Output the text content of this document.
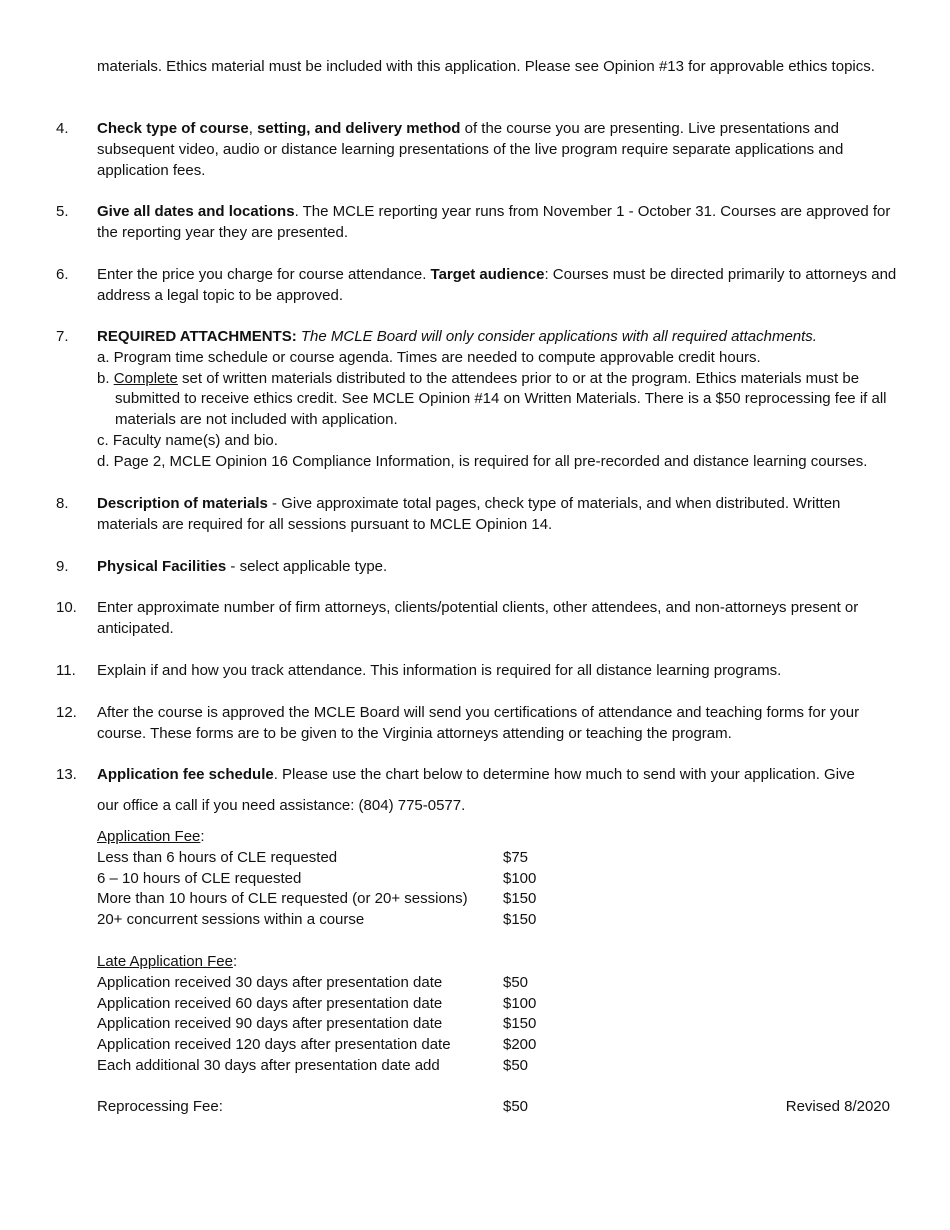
materials. Ethics material must be included with this application. Please see Opinion #13 for approvable ethics topics.

4.	Check type of course, setting, and delivery method of the course you are presenting. Live presentations and subsequent video, audio or distance learning presentations of the live program require separate applications and application fees.

5.	Give all dates and locations. The MCLE reporting year runs from November 1 - October 31. Courses are approved for the reporting year they are presented.

6.	Enter the price you charge for course attendance. Target audience: Courses must be directed primarily to attorneys and address a legal topic to be approved.

7.	REQUIRED ATTACHMENTS: The MCLE Board will only consider applications with all required attachments.
a. Program time schedule or course agenda. Times are needed to compute approvable credit hours.
b. Complete set of written materials distributed to the attendees prior to or at the program. Ethics materials must be submitted to receive ethics credit. See MCLE Opinion #14 on Written Materials. There is a $50 reprocessing fee if all materials are not included with application.
c. Faculty name(s) and bio.
d. Page 2, MCLE Opinion 16 Compliance Information, is required for all pre-recorded and distance learning courses.
8.	Description of materials - Give approximate total pages, check type of materials, and when distributed. Written materials are required for all sessions pursuant to MCLE Opinion 14.

9.	Physical Facilities - select applicable type.

10.	Enter approximate number of firm attorneys, clients/potential clients, other attendees, and non-attorneys present or anticipated.

11.	Explain if and how you track attendance. This information is required for all distance learning programs.

12.	After the course is approved the MCLE Board will send you certifications of attendance and teaching forms for your course. These forms are to be given to the Virginia attorneys attending or teaching the program.

13.	Application fee schedule. Please use the chart below to determine how much to send with your application. Give

our office a call if you need assistance: (804) 775-0577.

Application Fee:
Less than 6 hours of CLE requested	$75
6 – 10 hours of CLE requested	$100
More than 10 hours of CLE requested (or 20+ sessions) $150
20+ concurrent sessions within a course	$150
Late Application Fee:
Application received 30 days after presentation date	$50
Application received 60 days after presentation date	$100
Application received 90 days after presentation date	$150
Application received 120 days after presentation date	$200
Each additional 30 days after presentation date add	$50
Reprocessing Fee:	$50	Revised 8/2020
